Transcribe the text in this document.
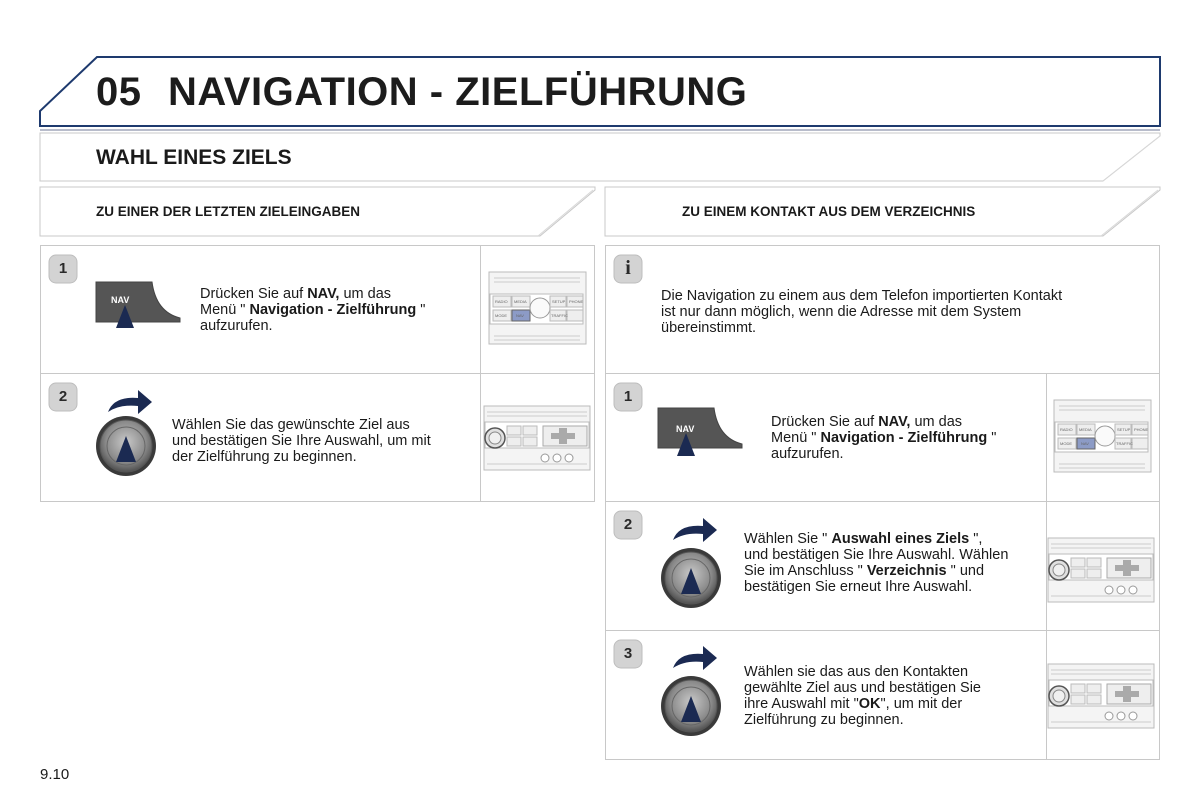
05 NAVIGATION - ZIELFÜHRUNG
WAHL EINES ZIELS
ZU EINER DER LETZTEN ZIELEINGABEN	ZU EINEM KONTAKT AUS DEM VERZEICHNIS
1
NAV	Drücken Sie auf NAV, um das
Menü " Navigation - Zielführung "
aufzurufen.
RADIO MEDIA	SETUP PHONE
MODE NAV	TRAFFIC
2
Wählen Sie das gewünschte Ziel aus
und bestätigen Sie Ihre Auswahl, um mit
der Zielführung zu beginnen.
i
Die Navigation zu einem aus dem Telefon importierten Kontakt
ist nur dann möglich, wenn die Adresse mit dem System
übereinstimmt.
1
NAV	Drücken Sie auf NAV, um das
Menü " Navigation - Zielführung "
aufzurufen.
RADIO MEDIA	SETUP PHONE
MODE NAV	TRAFFIC
2
Wählen Sie " Auswahl eines Ziels ",
und bestätigen Sie Ihre Auswahl. Wählen
Sie im Anschluss " Verzeichnis " und
bestätigen Sie erneut Ihre Auswahl.
3
Wählen sie das aus den Kontakten
gewählte Ziel aus und bestätigen Sie
ihre Auswahl mit "OK", um mit der
Zielführung zu beginnen.
9.10
